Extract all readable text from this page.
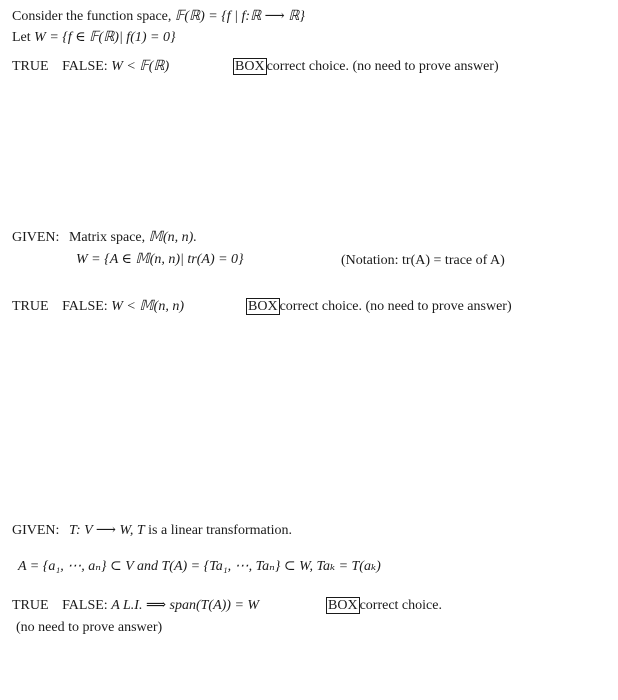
Consider the function space, 𝔽(ℝ) = {f | f:ℝ ⟶ ℝ}
Let W = {f ∈ 𝔽(ℝ)| f(1) = 0}
TRUE FALSE: W < 𝔽(ℝ)	BOX correct choice. (no need to prove answer)
GIVEN: Matrix space, 𝕄(n, n).
W = {A ∈ 𝕄(n, n)| tr(A) = 0}	(Notation: tr(A) = trace of A)
TRUE FALSE: W < 𝕄(n, n)	BOX correct choice. (no need to prove answer)
GIVEN: T: V ⟶ W, T is a linear transformation.
A = {a₁, ⋯, aₙ} ⊂ V and T(A) = {Ta₁, ⋯, Taₙ} ⊂ W, Taₖ = T(aₖ)
TRUE FALSE: A L.I. ⟹ span(T(A)) = W	BOX correct choice.
(no need to prove answer)
